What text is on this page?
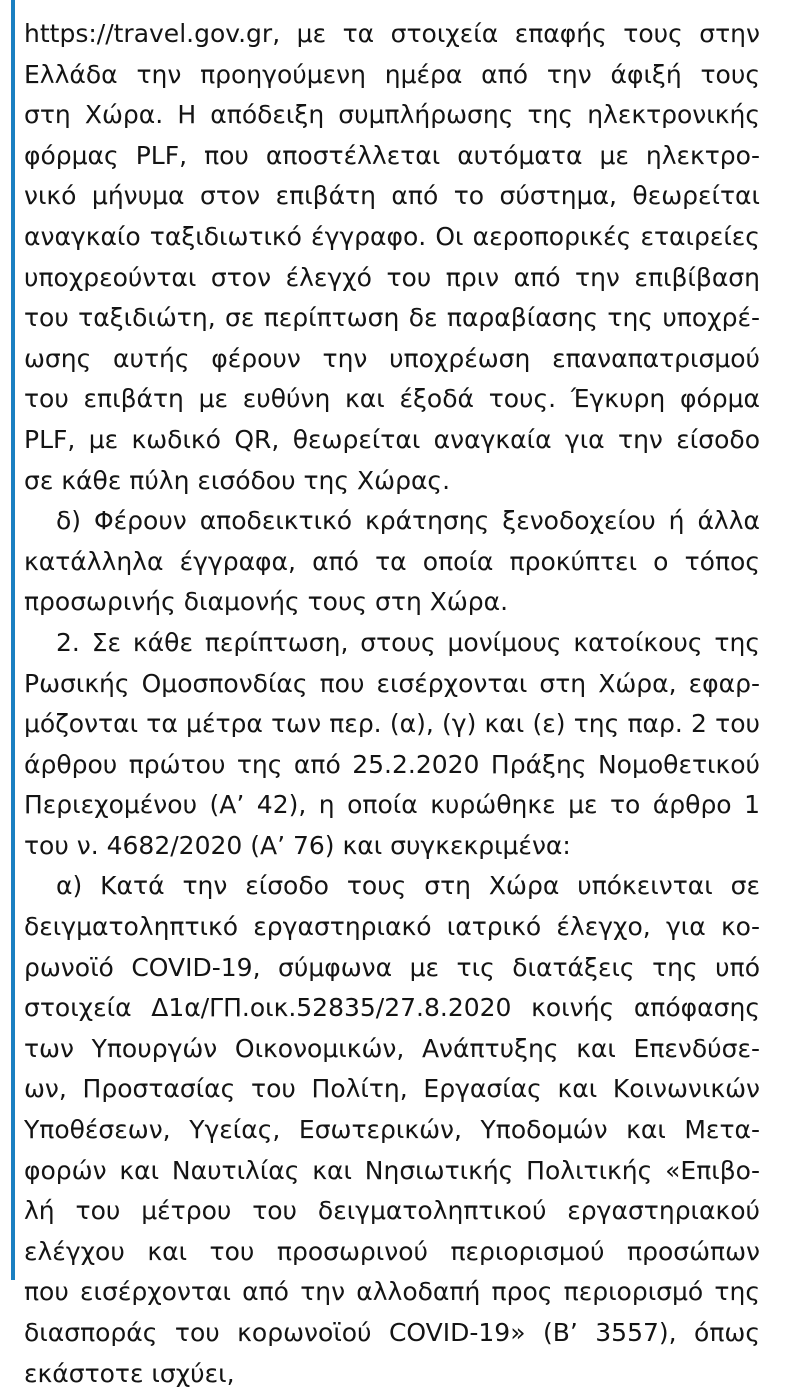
https://travel.gov.gr, με τα στοιχεία επαφής τους στην
Ελλάδα την προηγούμενη ημέρα από την άφιξή τους
στη Χώρα. Η απόδειξη συμπλήρωσης της ηλεκτρονικής
φόρμας PLF, που αποστέλλεται αυτόματα με ηλεκτρο-
νικό μήνυμα στον επιβάτη από το σύστημα, θεωρείται
αναγκαίο ταξιδιωτικό έγγραφο. Οι αεροπορικές εταιρείες
υποχρεούνται στον έλεγχό του πριν από την επιβίβαση
του ταξιδιώτη, σε περίπτωση δε παραβίασης της υποχρέ-
ωσης αυτής φέρουν την υποχρέωση επαναπατρισμού
του επιβάτη με ευθύνη και έξοδά τους. Έγκυρη φόρμα
PLF, με κωδικό QR, θεωρείται αναγκαία για την είσοδο
σε κάθε πύλη εισόδου της Χώρας.
δ) Φέρουν αποδεικτικό κράτησης ξενοδοχείου ή άλλα
κατάλληλα έγγραφα, από τα οποία προκύπτει ο τόπος
προσωρινής διαμονής τους στη Χώρα.
2. Σε κάθε περίπτωση, στους μονίμους κατοίκους της
Ρωσικής Ομοσπονδίας που εισέρχονται στη Χώρα, εφαρ-
μόζονται τα μέτρα των περ. (α), (γ) και (ε) της παρ. 2 του
άρθρου πρώτου της από 25.2.2020 Πράξης Νομοθετικού
Περιεχομένου (Α’ 42), η οποία κυρώθηκε με το άρθρο 1
του ν. 4682/2020 (Α’ 76) και συγκεκριμένα:
α) Κατά την είσοδο τους στη Χώρα υπόκεινται σε
δειγματοληπτικό εργαστηριακό ιατρικό έλεγχο, για κο-
ρωνοϊό COVID-19, σύμφωνα με τις διατάξεις της υπό
στοιχεία Δ1α/ΓΠ.οικ.52835/27.8.2020 κοινής απόφασης
των Υπουργών Οικονομικών, Ανάπτυξης και Επενδύσε-
ων, Προστασίας του Πολίτη, Εργασίας και Κοινωνικών
Υποθέσεων, Υγείας, Εσωτερικών, Υποδομών και Μετα-
φορών και Ναυτιλίας και Νησιωτικής Πολιτικής «Επιβο-
λή του μέτρου του δειγματοληπτικού εργαστηριακού
ελέγχου και του προσωρινού περιορισμού προσώπων
που εισέρχονται από την αλλοδαπή προς περιορισμό της
διασποράς του κορωνοϊού COVID-19» (Β’ 3557), όπως
εκάστοτε ισχύει,
